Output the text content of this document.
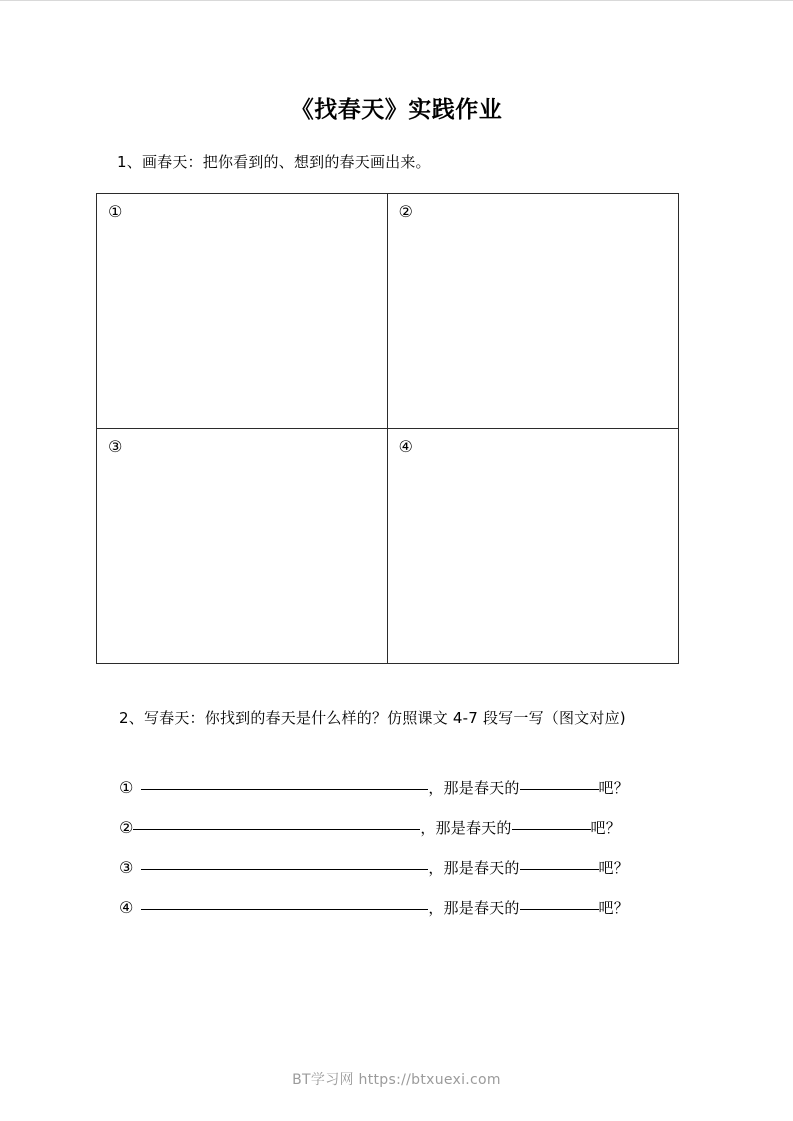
《找春天》实践作业
1、画春天：把你看到的、想到的春天画出来。
①	②
③	④
2、写春天：你找到的春天是什么样的？仿照课文 4-7 段写一写（图文对应)
①	，那是春天的	吧？
②	，那是春天的	吧？
③	，那是春天的	吧？
④	，那是春天的	吧？
BT学习网 https://btxuexi.com
